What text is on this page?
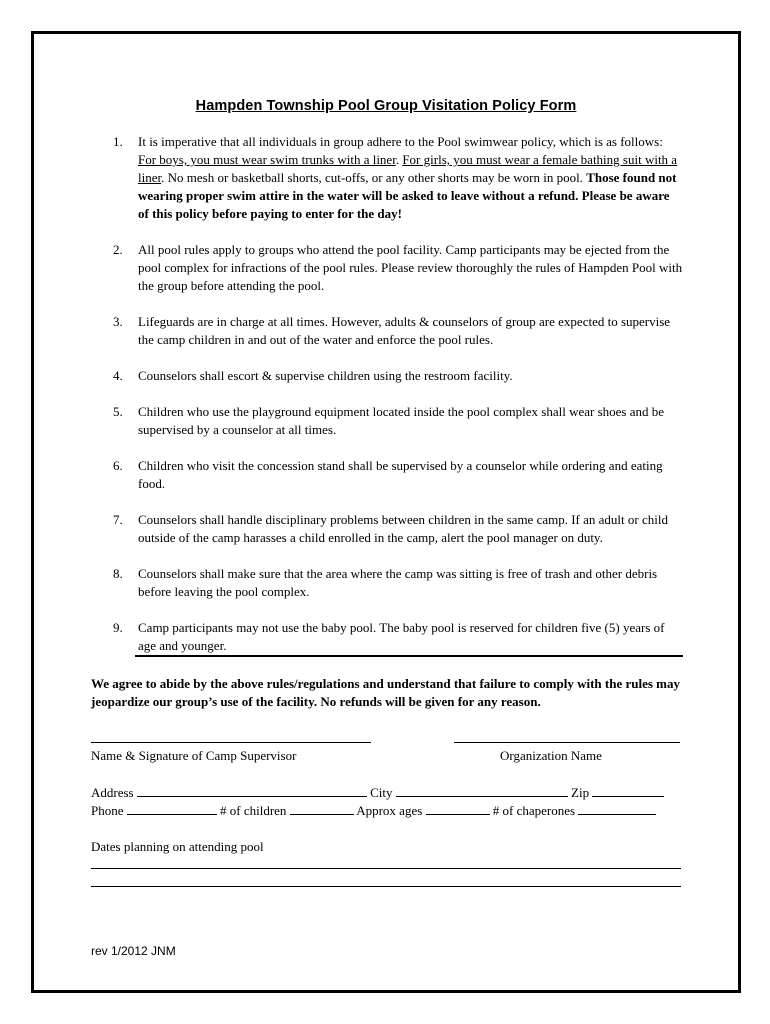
Hampden Township Pool Group Visitation Policy Form
1. It is imperative that all individuals in group adhere to the Pool swimwear policy, which is as follows: For boys, you must wear swim trunks with a liner. For girls, you must wear a female bathing suit with a liner. No mesh or basketball shorts, cut-offs, or any other shorts may be worn in pool. Those found not wearing proper swim attire in the water will be asked to leave without a refund. Please be aware of this policy before paying to enter for the day!
2. All pool rules apply to groups who attend the pool facility. Camp participants may be ejected from the pool complex for infractions of the pool rules. Please review thoroughly the rules of Hampden Pool with the group before attending the pool.
3. Lifeguards are in charge at all times. However, adults & counselors of group are expected to supervise the camp children in and out of the water and enforce the pool rules.
4. Counselors shall escort & supervise children using the restroom facility.
5. Children who use the playground equipment located inside the pool complex shall wear shoes and be supervised by a counselor at all times.
6. Children who visit the concession stand shall be supervised by a counselor while ordering and eating food.
7. Counselors shall handle disciplinary problems between children in the same camp. If an adult or child outside of the camp harasses a child enrolled in the camp, alert the pool manager on duty.
8. Counselors shall make sure that the area where the camp was sitting is free of trash and other debris before leaving the pool complex.
9. Camp participants may not use the baby pool. The baby pool is reserved for children five (5) years of age and younger.
We agree to abide by the above rules/regulations and understand that failure to comply with the rules may jeopardize our group’s use of the facility. No refunds will be given for any reason.
Name & Signature of Camp Supervisor	Organization Name
Address	City	Zip
Phone	# of children	Approx ages	# of chaperones
Dates planning on attending pool
rev 1/2012 JNM
